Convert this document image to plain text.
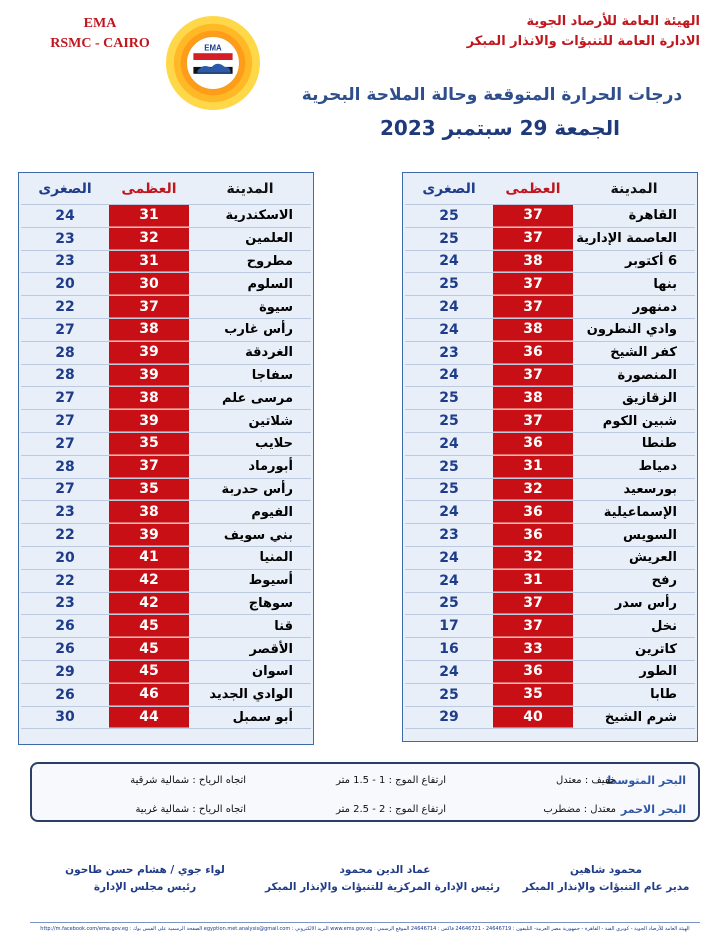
EMA
RSMC - CAIRO	EMA
الهيئة العامة للأرصاد الجوية
الادارة العامة للتنبؤات والانذار المبكر
درجات الحرارة المتوقعة وحالة الملاحة البحرية
الجمعة 29 سبتمبر 2023
المدينة
العظمى
الصغرى
القاهرة
37
25
العاصمة الإدارية
37
25
6 أكتوبر
38
24
بنها
37
25
دمنهور
37
24
وادي النطرون
38
24
كفر الشيخ
36
23
المنصورة
37
24
الزقازيق
38
25
شبين الكوم
37
25
طنطا
36
24
دمياط
31
25
بورسعيد
32
25
الإسماعيلية
36
24
السويس
36
23
العريش
32
24
رفح
31
24
رأس سدر
37
25
نخل
37
17
كاترين
33
16
الطور
36
24
طابا
35
25
شرم الشيخ
40
29
المدينة
العظمى
الصغرى
الاسكندرية
31
24
العلمين
32
23
مطروح
31
23
السلوم
30
20
سيوة
37
22
رأس غارب
38
27
الغردقة
39
28
سفاجا
39
28
مرسى علم
38
27
شلاتين
39
27
حلايب
35
27
أبورماد
37
28
رأس حدربة
35
27
الفيوم
38
23
بني سويف
39
22
المنيا
41
20
أسيوط
42
22
سوهاج
42
23
قنا
45
26
الأقصر
45
26
اسوان
45
29
الوادي الجديد
46
26
أبو سمبل
44
30
البحر المتوسط
خفيف : معتدل
ارتفاع الموج : 1 - 1.5 متر
اتجاه الرياح : شمالية شرقية
البحر الاحمر
معتدل : مضطرب
ارتفاع الموج : 2 - 2.5 متر
اتجاه الرياح : شمالية غربية
محمود شاهين
مدير عام التنبؤات والإنذار المبكر
عماد الدين محمود
رئيس الإدارة المركزية للتنبؤات والإنذار المبكر
لواء جوي / هشام حسن طاحون
رئيس مجلس الإدارة
الهيئة العامة للأرصاد الجوية - كوبري القبة - القاهرة - جمهورية مصر العربية- التليفون : 24646719 - 24646721 فاكس : 24646714 الموقع الرسمي : www.ems.gov.eg البريد الالكتروني : egyption.met.analysis@gmail.com الصفحة الرسمية على الفيس بوك : http://m.facebook.com/ema.gov.eg
